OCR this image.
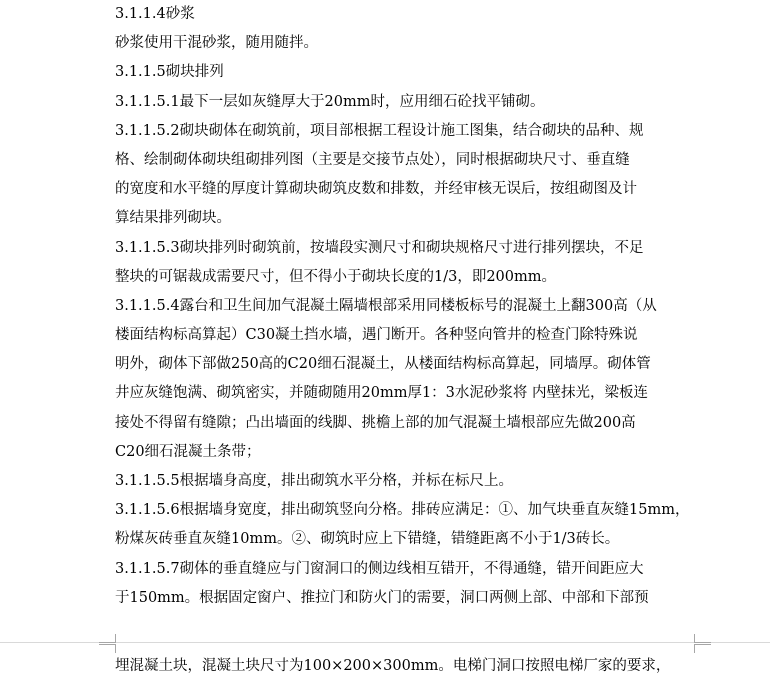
3.1.1.4砂浆
砂浆使用干混砂浆，随用随拌。
3.1.1.5砌块排列
3.1.1.5.1最下一层如灰缝厚大于20mm时，应用细石砼找平铺砌。
3.1.1.5.2砌块砌体在砌筑前，项目部根据工程设计施工图集，结合砌块的品种、规
格、绘制砌体砌块组砌排列图（主要是交接节点处），同时根据砌块尺寸、垂直缝
的宽度和水平缝的厚度计算砌块砌筑皮数和排数，并经审核无误后，按组砌图及计
算结果排列砌块。
3.1.1.5.3砌块排列时砌筑前，按墙段实测尺寸和砌块规格尺寸进行排列摆块，不足
整块的可锯裁成需要尺寸，但不得小于砌块长度的1/3，即200mm。
3.1.1.5.4露台和卫生间加气混凝土隔墙根部采用同楼板标号的混凝土上翻300高（从
楼面结构标高算起）C30凝土挡水墙，遇门断开。各种竖向管井的检查门除特殊说
明外，砌体下部做250高的C20细石混凝土，从楼面结构标高算起，同墙厚。砌体管
井应灰缝饱满、砌筑密实，并随砌随用20mm厚1：3水泥砂浆将 内壁抹光，梁板连
接处不得留有缝隙；凸出墙面的线脚、挑檐上部的加气混凝土墙根部应先做200高
C20细石混凝土条带；
3.1.1.5.5根据墙身高度，排出砌筑水平分格，并标在标尺上。
3.1.1.5.6根据墙身宽度，排出砌筑竖向分格。排砖应满足：①、加气块垂直灰缝15mm，
粉煤灰砖垂直灰缝10mm。②、砌筑时应上下错缝，错缝距离不小于1/3砖长。
3.1.1.5.7砌体的垂直缝应与门窗洞口的侧边线相互错开，不得通缝，错开间距应大
于150mm。根据固定窗户、推拉门和防火门的需要，洞口两侧上部、中部和下部预
埋混凝土块，混凝土块尺寸为100×200×300mm。电梯门洞口按照电梯厂家的要求，
